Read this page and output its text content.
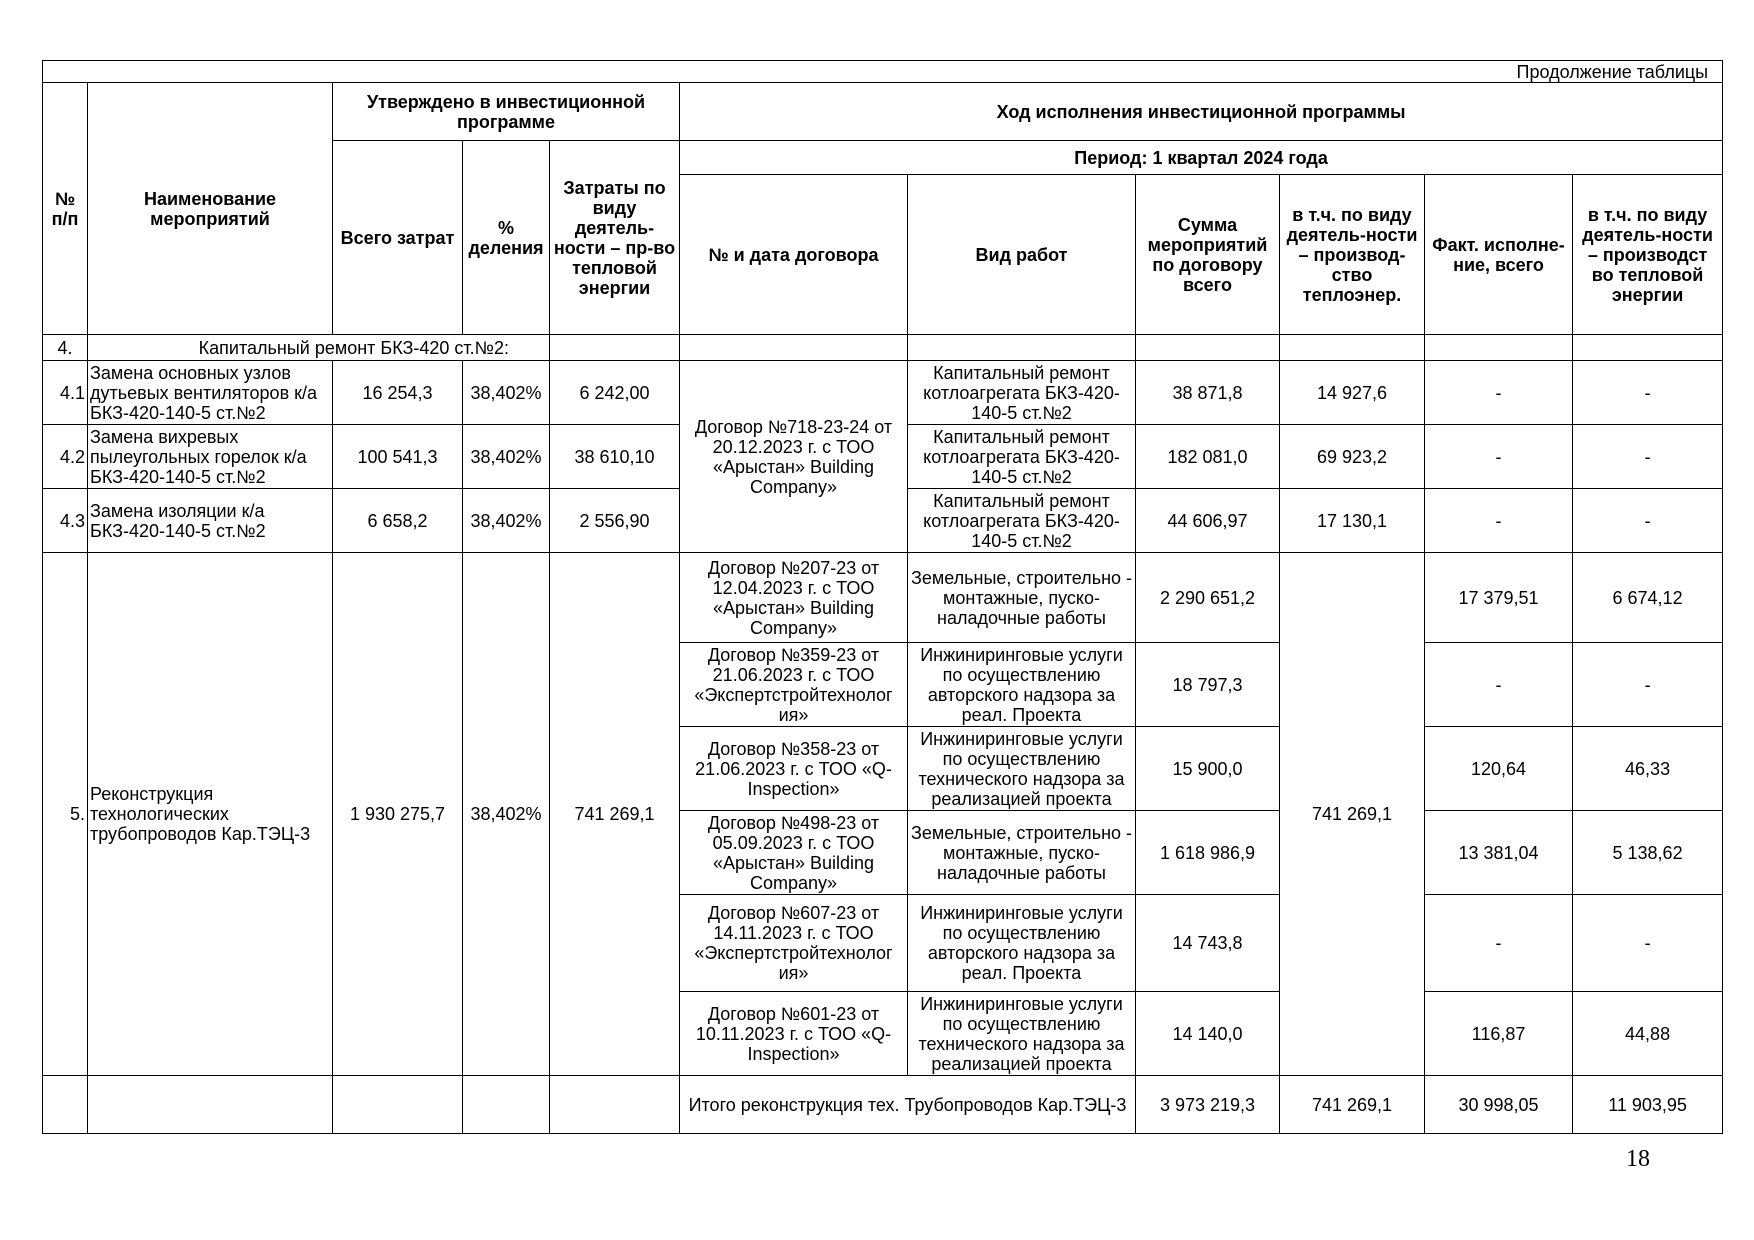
Продолжение таблицы										
№ п/п	Наименование мероприятий	Утверждено в инвестиционной программе			Ход исполнения инвестиционной программы					
		Всего затрат	% деления	Затраты по виду деятель-ности – пр-во тепловой энергии	Период: 1 квартал 2024 года					
					№ и дата договора	Вид работ	Сумма мероприятий по договору всего	в т.ч. по виду деятель-ности – производ-ство теплоэнер.	Факт. исполне-ние, всего	в т.ч. по виду деятель-ности – производст во тепловой энергии
4.	Капитальный ремонт БКЗ-420 ст.№2:									
4.1	Замена основных узлов дутьевых вентиляторов к/а БКЗ-420-140-5 ст.№2	16 254,3	38,402%	6 242,00	Договор №718-23-24 от 20.12.2023 г. с ТОО «Арыстан» Building Company»	Капитальный ремонт котлоагрегата БКЗ-420-140-5 ст.№2	38 871,8	14 927,6	-	-
4.2	Замена вихревых пылеугольных горелок к/а БКЗ-420-140-5 ст.№2	100 541,3	38,402%	38 610,10		Капитальный ремонт котлоагрегата БКЗ-420-140-5 ст.№2	182 081,0	69 923,2	-	-
4.3	Замена изоляции к/а БКЗ-420-140-5 ст.№2	6 658,2	38,402%	2 556,90		Капитальный ремонт котлоагрегата БКЗ-420-140-5 ст.№2	44 606,97	17 130,1	-	-
5.	Реконструкция технологических трубопроводов Кар.ТЭЦ-3	1 930 275,7	38,402%	741 269,1	Договор №207-23 от 12.04.2023 г. с ТОО «Арыстан» Building Company»	Земельные, строительно - монтажные, пуско-наладочные работы	2 290 651,2	741 269,1	17 379,51	6 674,12
					Договор №359-23 от 21.06.2023 г. с ТОО «Экспертстройтехнолог ия»	Инжиниринговые услуги по осуществлению авторского надзора за реал. Проекта	18 797,3		-	-
					Договор №358-23 от 21.06.2023 г. с ТОО «Q-Inspection»	Инжиниринговые услуги по осуществлению технического надзора за реализацией проекта	15 900,0		120,64	46,33
					Договор №498-23 от 05.09.2023 г. с ТОО «Арыстан» Building Company»	Земельные, строительно - монтажные, пуско-наладочные работы	1 618 986,9		13 381,04	5 138,62
					Договор №607-23 от 14.11.2023 г. с ТОО «Экспертстройтехнолог ия»	Инжиниринговые услуги по осуществлению авторского надзора за реал. Проекта	14 743,8		-	-
					Договор №601-23 от 10.11.2023 г. с ТОО «Q-Inspection»	Инжиниринговые услуги по осуществлению технического надзора за реализацией проекта	14 140,0		116,87	44,88
					Итого реконструкция тех. Трубопроводов Кар.ТЭЦ-3		3 973 219,3	741 269,1	30 998,05	11 903,95
18
